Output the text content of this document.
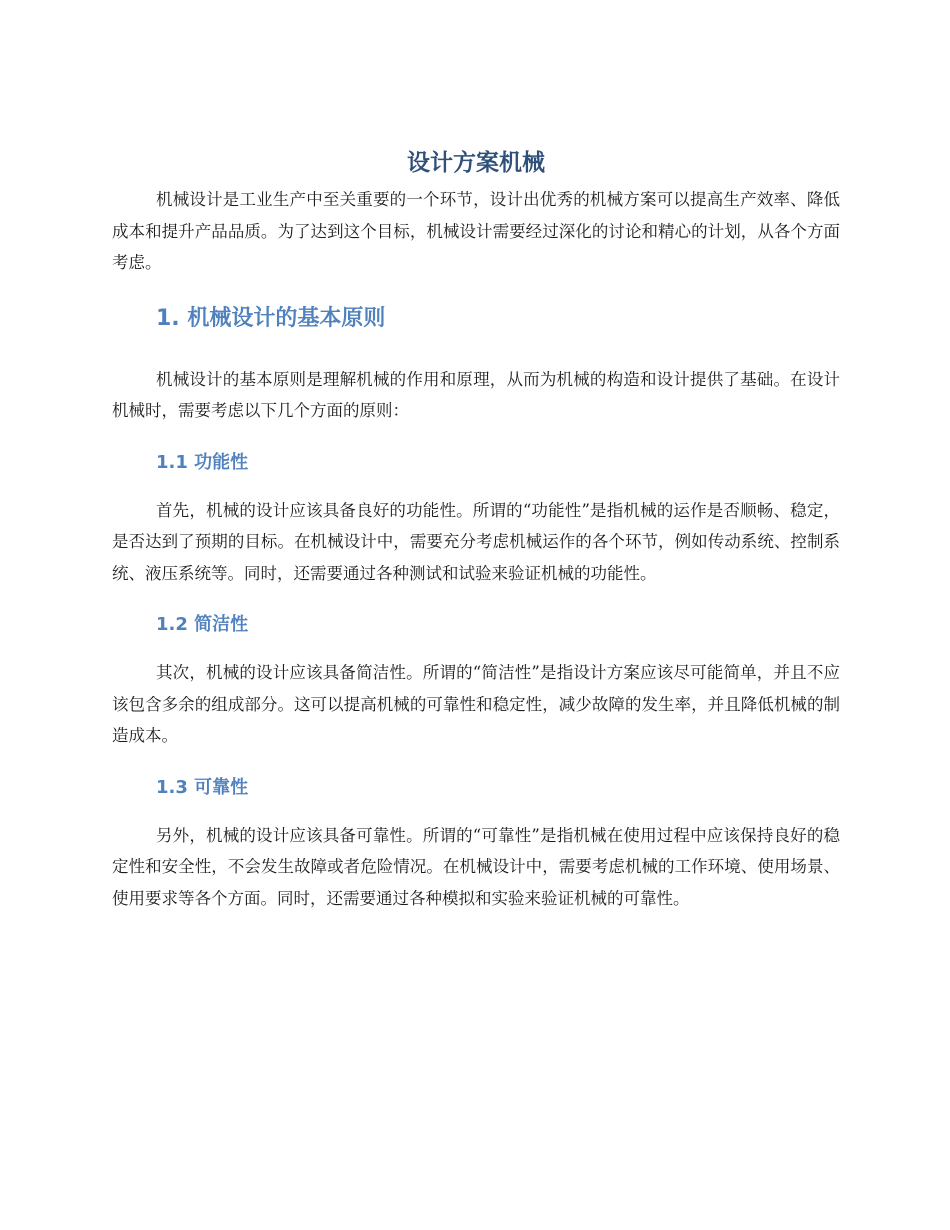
设计方案机械

机械设计是工业生产中至关重要的一个环节，设计出优秀的机械方案可以提高生产效率、降低成本和提升产品品质。为了达到这个目标，机械设计需要经过深化的讨论和精心的计划，从各个方面考虑。

1. 机械设计的基本原则

机械设计的基本原则是理解机械的作用和原理，从而为机械的构造和设计提供了基础。在设计机械时，需要考虑以下几个方面的原则：

1.1 功能性

首先，机械的设计应该具备良好的功能性。所谓的“功能性”是指机械的运作是否顺畅、稳定，是否达到了预期的目标。在机械设计中，需要充分考虑机械运作的各个环节，例如传动系统、控制系统、液压系统等。同时，还需要通过各种测试和试验来验证机械的功能性。

1.2 简洁性

其次，机械的设计应该具备简洁性。所谓的“简洁性”是指设计方案应该尽可能简单，并且不应该包含多余的组成部分。这可以提高机械的可靠性和稳定性，减少故障的发生率，并且降低机械的制造成本。

1.3 可靠性

另外，机械的设计应该具备可靠性。所谓的“可靠性”是指机械在使用过程中应该保持良好的稳定性和安全性，不会发生故障或者危险情况。在机械设计中，需要考虑机械的工作环境、使用场景、使用要求等各个方面。同时，还需要通过各种模拟和实验来验证机械的可靠性。
